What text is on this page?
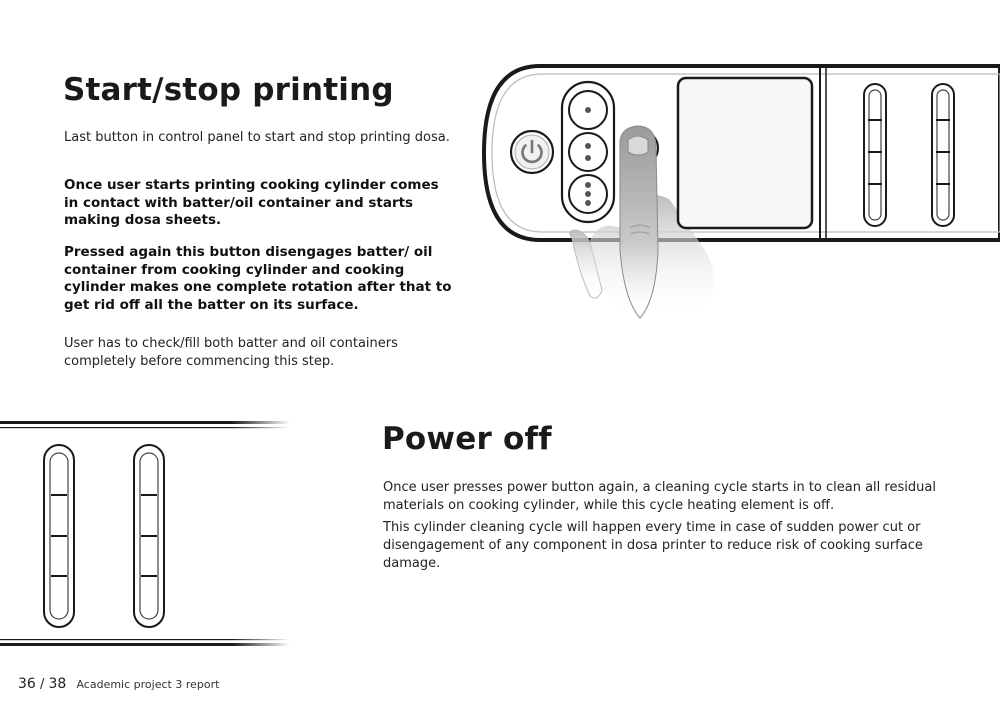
Start/stop printing

Last button in control panel to start and stop printing dosa.

Once user starts printing cooking cylinder comes in contact with batter/oil container and starts making dosa sheets.

Pressed again this button disengages batter/ oil container from cooking cylinder and cooking cylinder makes one complete rotation after that to get rid off all the batter on its surface.

User has to check/fill both batter and oil containers completely before commencing this step.

Power off

Once user presses power button again, a cleaning cycle starts in to clean all residual materials on cooking cylinder, while this cycle heating element is off.

This cylinder cleaning cycle will happen every time in case of sudden power cut or disengagement of any component in dosa printer to reduce risk of cooking surface damage.

36 / 38 Academic project 3 report
